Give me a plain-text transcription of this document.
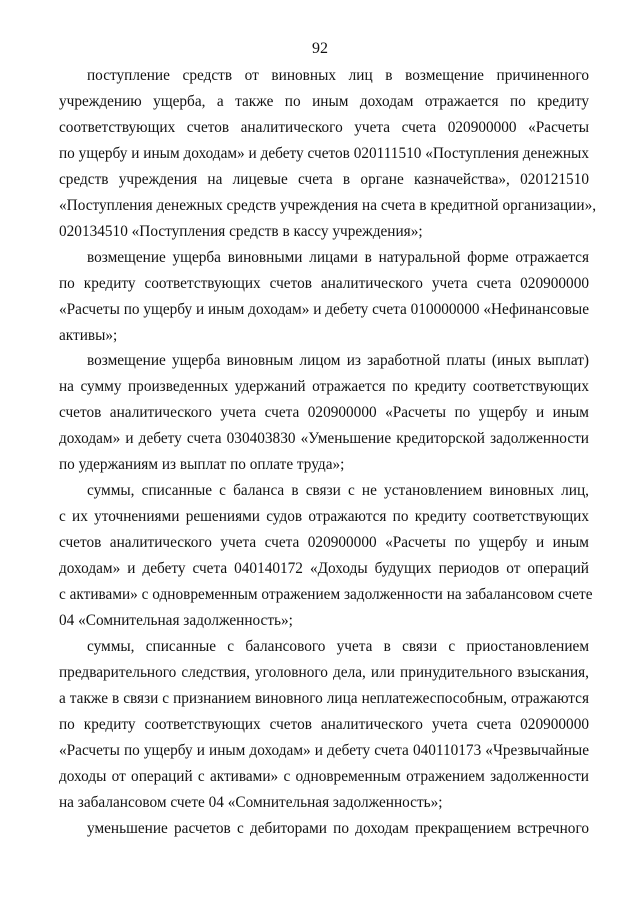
92
поступление средств от виновных лиц в возмещение причиненного
учреждению ущерба, а также по иным доходам отражается по кредиту
соответствующих счетов аналитического учета счета 020900000 «Расчеты
по ущербу и иным доходам» и дебету счетов 020111510 «Поступления денежных
средств учреждения на лицевые счета в органе казначейства», 020121510
«Поступления денежных средств учреждения на счета в кредитной организации»,
020134510 «Поступления средств в кассу учреждения»;
возмещение ущерба виновными лицами в натуральной форме отражается
по кредиту соответствующих счетов аналитического учета счета 020900000
«Расчеты по ущербу и иным доходам» и дебету счета 010000000 «Нефинансовые
активы»;
возмещение ущерба виновным лицом из заработной платы (иных выплат)
на сумму произведенных удержаний отражается по кредиту соответствующих
счетов аналитического учета счета 020900000 «Расчеты по ущербу и иным
доходам» и дебету счета 030403830 «Уменьшение кредиторской задолженности
по удержаниям из выплат по оплате труда»;
суммы, списанные с баланса в связи с не установлением виновных лиц,
с их уточнениями решениями судов отражаются по кредиту соответствующих
счетов аналитического учета счета 020900000 «Расчеты по ущербу и иным
доходам» и дебету счета 040140172 «Доходы будущих периодов от операций
с активами» с одновременным отражением задолженности на забалансовом счете
04 «Сомнительная задолженность»;
суммы, списанные с балансового учета в связи с приостановлением
предварительного следствия, уголовного дела, или принудительного взыскания,
а также в связи с признанием виновного лица неплатежеспособным, отражаются
по кредиту соответствующих счетов аналитического учета счета 020900000
«Расчеты по ущербу и иным доходам» и дебету счета 040110173 «Чрезвычайные
доходы от операций с активами» с одновременным отражением задолженности
на забалансовом счете 04 «Сомнительная задолженность»;
уменьшение расчетов с дебиторами по доходам прекращением встречного
